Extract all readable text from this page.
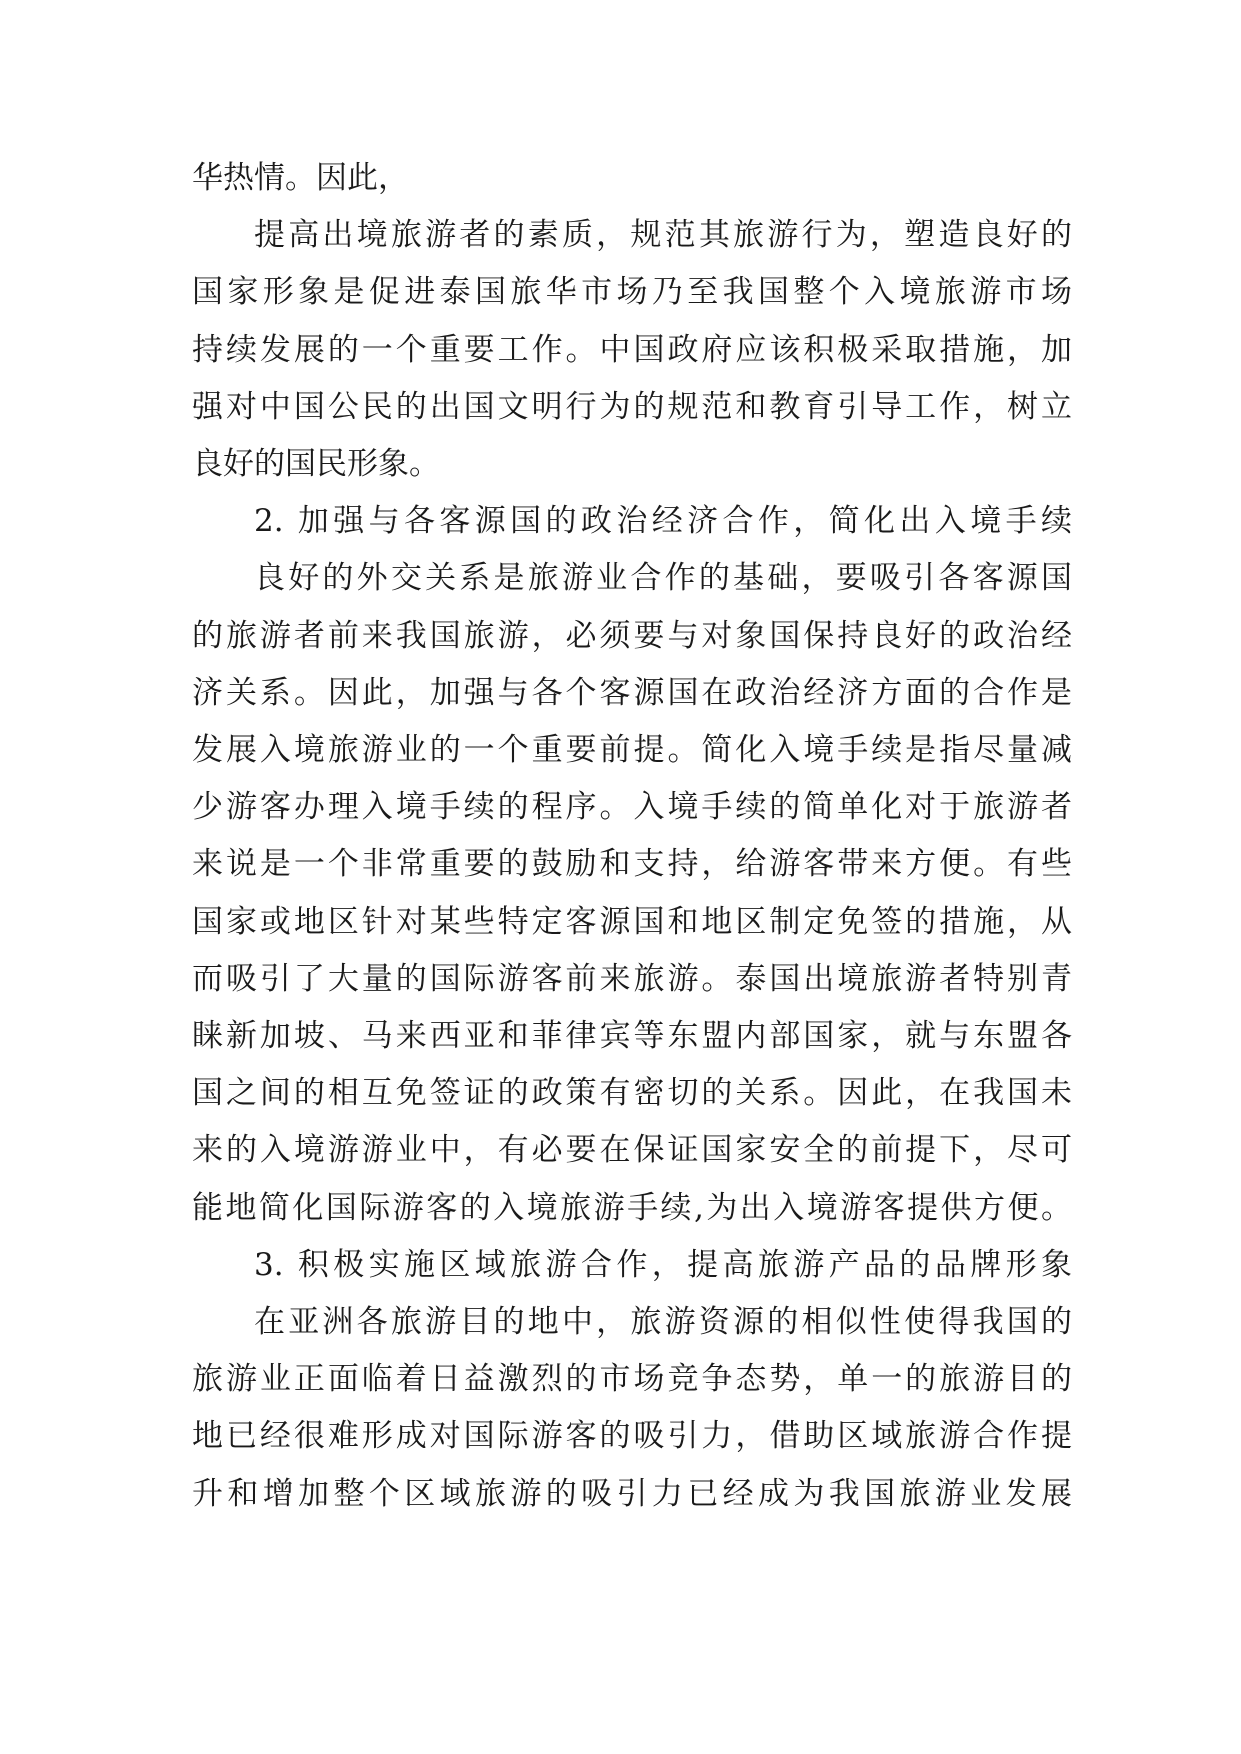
华热情。因此，
提高出境旅游者的素质，规范其旅游行为，塑造良好的
国家形象是促进泰国旅华市场乃至我国整个入境旅游市场
持续发展的一个重要工作。中国政府应该积极采取措施，加
强对中国公民的出国文明行为的规范和教育引导工作，树立
良好的国民形象。
2. 加强与各客源国的政治经济合作，简化出入境手续
良好的外交关系是旅游业合作的基础，要吸引各客源国
的旅游者前来我国旅游，必须要与对象国保持良好的政治经
济关系。因此，加强与各个客源国在政治经济方面的合作是
发展入境旅游业的一个重要前提。简化入境手续是指尽量减
少游客办理入境手续的程序。入境手续的简单化对于旅游者
来说是一个非常重要的鼓励和支持，给游客带来方便。有些
国家或地区针对某些特定客源国和地区制定免签的措施，从
而吸引了大量的国际游客前来旅游。泰国出境旅游者特别青
睐新加坡、马来西亚和菲律宾等东盟内部国家，就与东盟各
国之间的相互免签证的政策有密切的关系。因此，在我国未
来的入境游游业中，有必要在保证国家安全的前提下，尽可
能地简化国际游客的入境旅游手续,为出入境游客提供方便。
3. 积极实施区域旅游合作，提高旅游产品的品牌形象
在亚洲各旅游目的地中，旅游资源的相似性使得我国的
旅游业正面临着日益激烈的市场竞争态势，单一的旅游目的
地已经很难形成对国际游客的吸引力，借助区域旅游合作提
升和增加整个区域旅游的吸引力已经成为我国旅游业发展
